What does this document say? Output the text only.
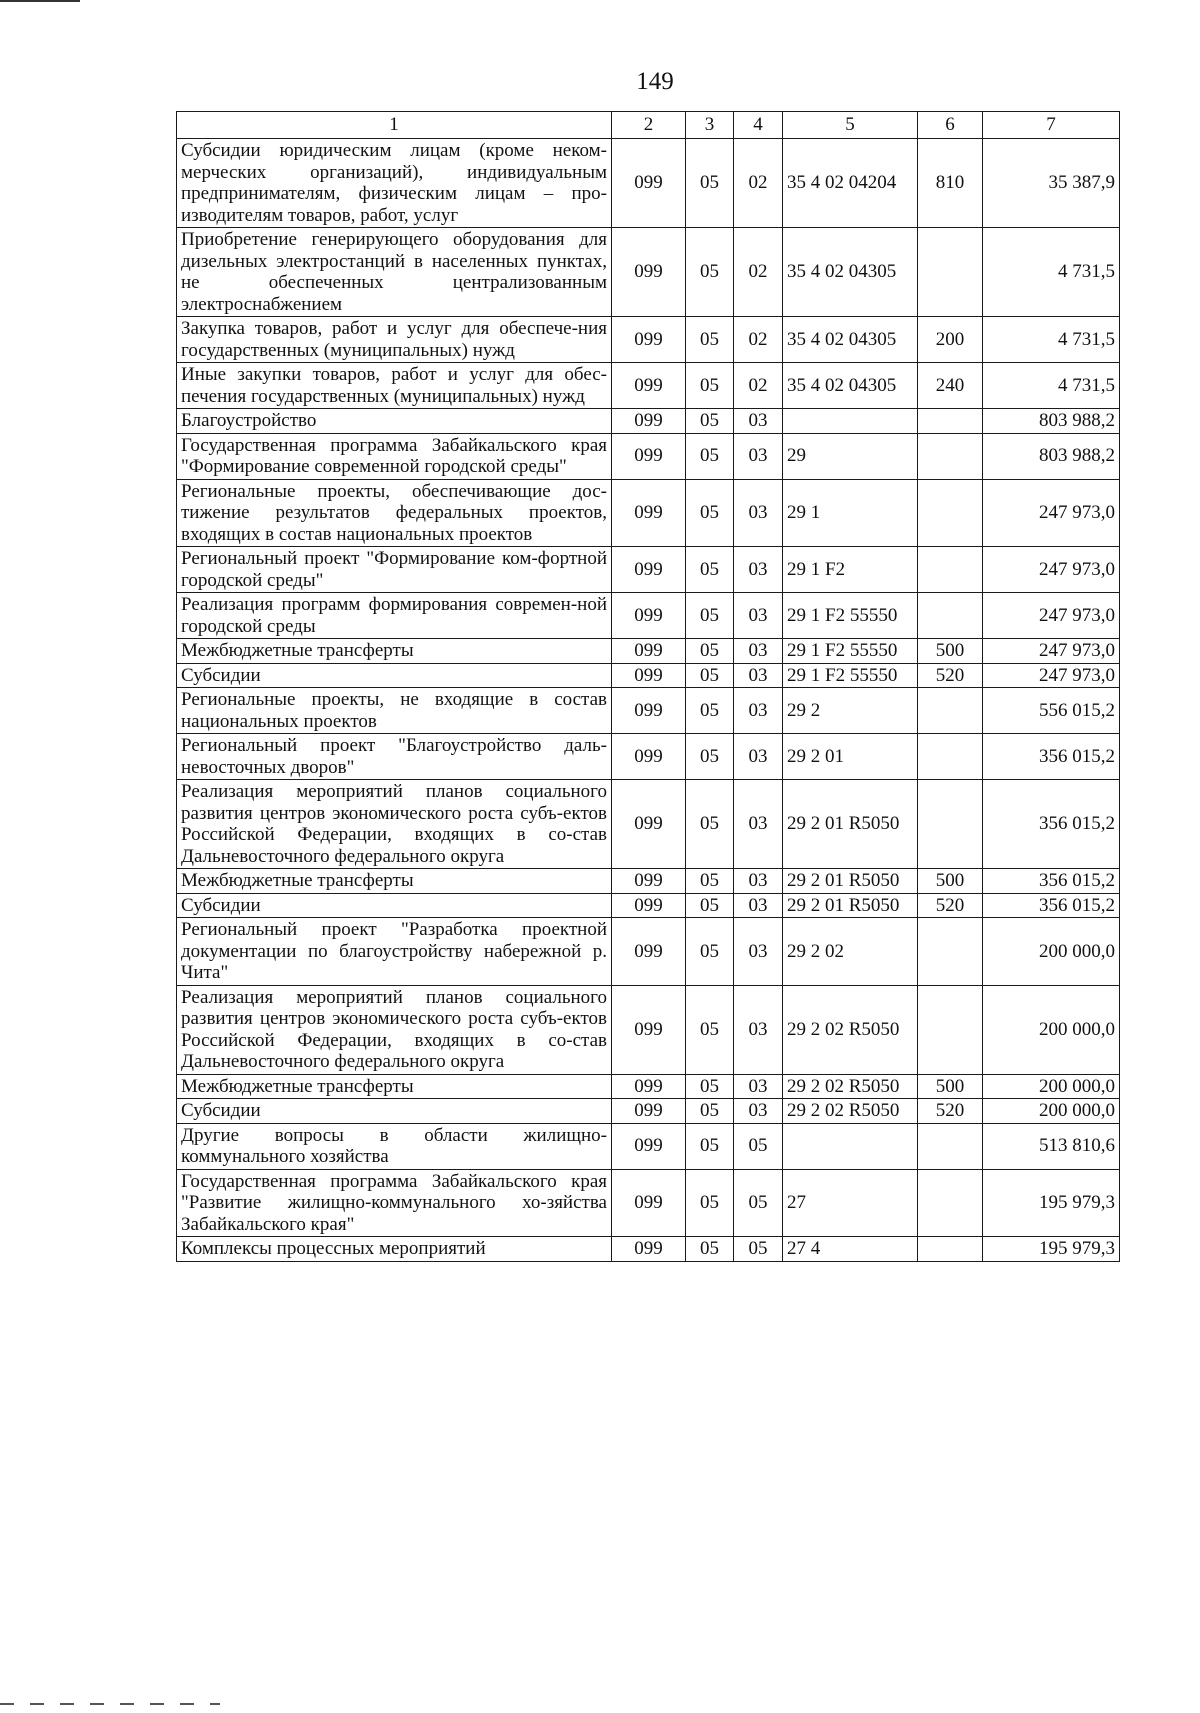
149
1	2	3	4	5	6	7
Субсидии юридическим лицам (кроме неком-мерческих организаций), индивидуальным предпринимателям, физическим лицам – про-изводителям товаров, работ, услуг	099	05	02	35 4 02 04204	810	35 387,9
Приобретение генерирующего оборудования для дизельных электростанций в населенных пунктах, не обеспеченных централизованным электроснабжением	099	05	02	35 4 02 04305		4 731,5
Закупка товаров, работ и услуг для обеспече-ния государственных (муниципальных) нужд	099	05	02	35 4 02 04305	200	4 731,5
Иные закупки товаров, работ и услуг для обес-печения государственных (муниципальных) нужд	099	05	02	35 4 02 04305	240	4 731,5
Благоустройство	099	05	03			803 988,2
Государственная программа Забайкальского края "Формирование современной городской среды"	099	05	03	29		803 988,2
Региональные проекты, обеспечивающие дос-тижение результатов федеральных проектов, входящих в состав национальных проектов	099	05	03	29 1		247 973,0
Региональный проект "Формирование ком-фортной городской среды"	099	05	03	29 1 F2		247 973,0
Реализация программ формирования современ-ной городской среды	099	05	03	29 1 F2 55550		247 973,0
Межбюджетные трансферты	099	05	03	29 1 F2 55550	500	247 973,0
Субсидии	099	05	03	29 1 F2 55550	520	247 973,0
Региональные проекты, не входящие в состав национальных проектов	099	05	03	29 2		556 015,2
Региональный проект "Благоустройство даль-невосточных дворов"	099	05	03	29 2 01		356 015,2
Реализация мероприятий планов социального развития центров экономического роста субъ-ектов Российской Федерации, входящих в со-став Дальневосточного федерального округа	099	05	03	29 2 01 R5050		356 015,2
Межбюджетные трансферты	099	05	03	29 2 01 R5050	500	356 015,2
Субсидии	099	05	03	29 2 01 R5050	520	356 015,2
Региональный проект "Разработка проектной документации по благоустройству набережной р. Чита"	099	05	03	29 2 02		200 000,0
Реализация мероприятий планов социального развития центров экономического роста субъ-ектов Российской Федерации, входящих в со-став Дальневосточного федерального округа	099	05	03	29 2 02 R5050		200 000,0
Межбюджетные трансферты	099	05	03	29 2 02 R5050	500	200 000,0
Субсидии	099	05	03	29 2 02 R5050	520	200 000,0
Другие вопросы в области жилищно-коммунального хозяйства	099	05	05			513 810,6
Государственная программа Забайкальского края "Развитие жилищно-коммунального хо-зяйства Забайкальского края"	099	05	05	27		195 979,3
Комплексы процессных мероприятий	099	05	05	27 4		195 979,3
